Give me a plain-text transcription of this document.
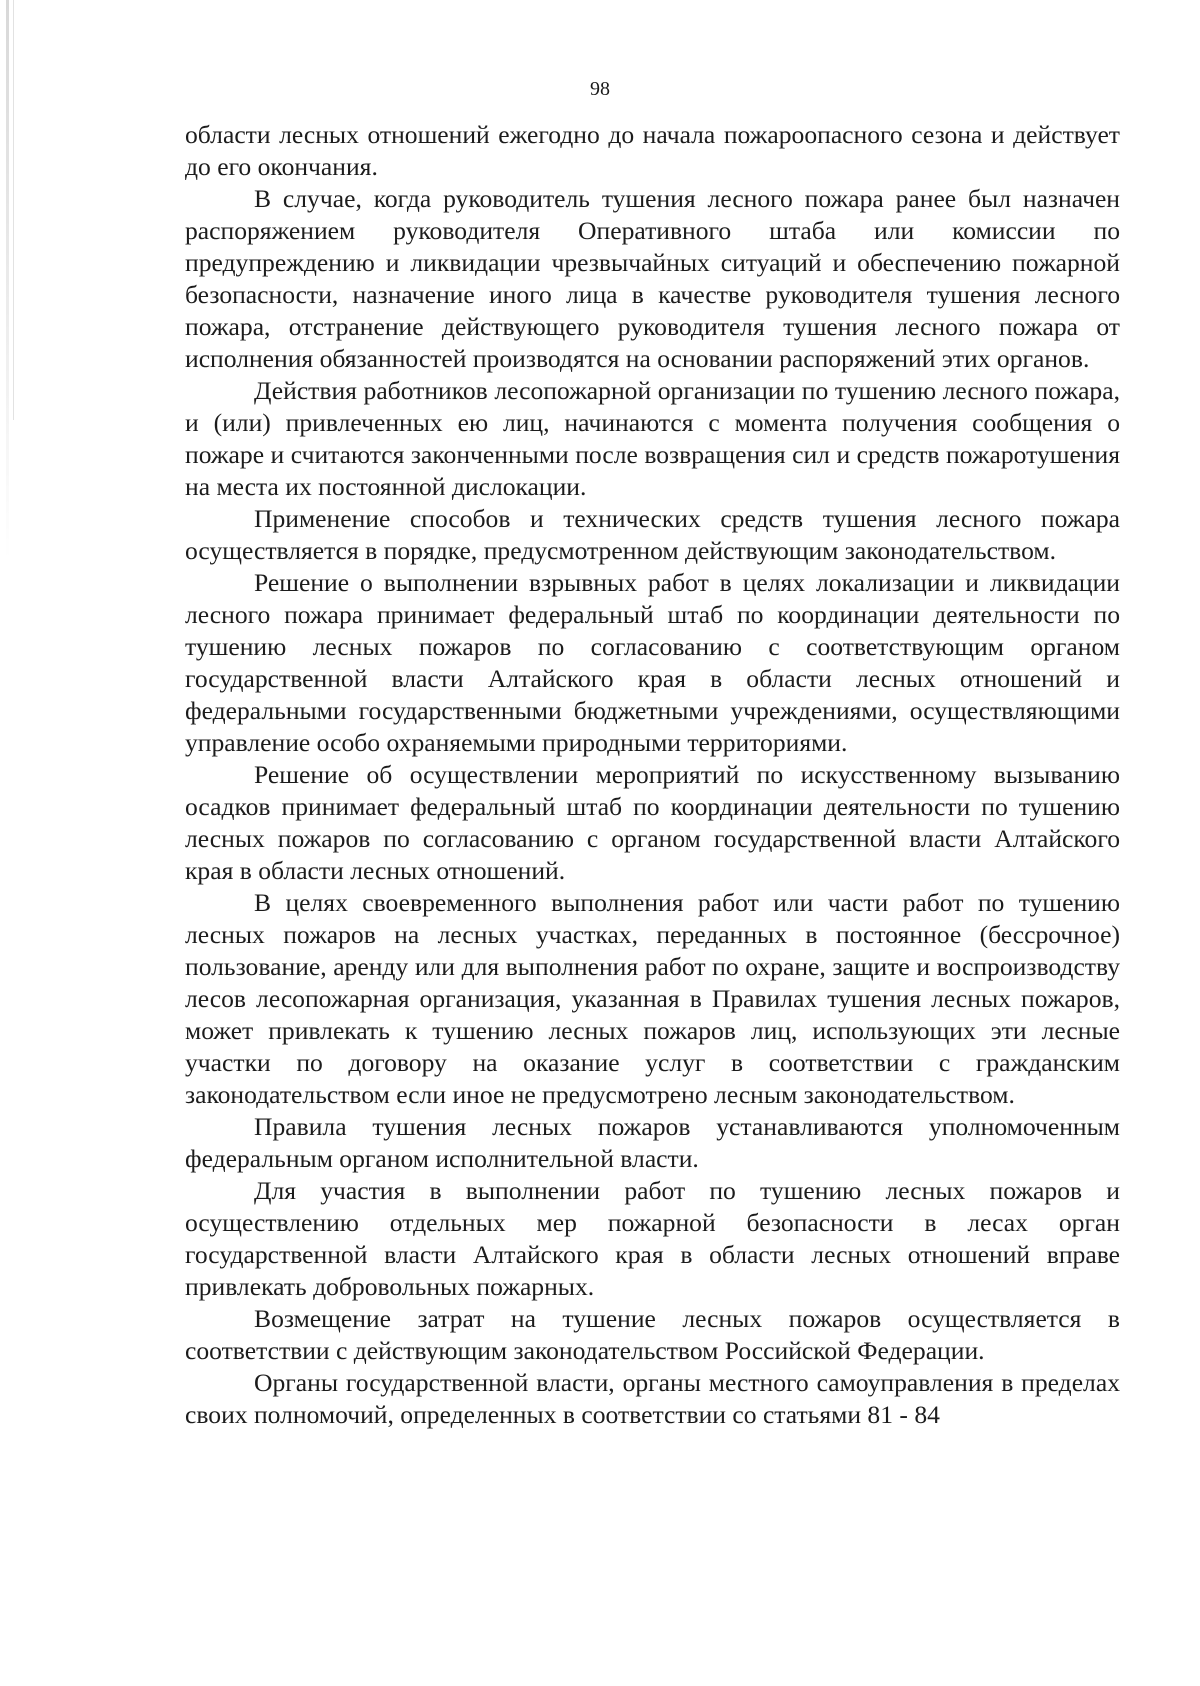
98

области лесных отношений ежегодно до начала пожароопасного сезона и действует до его окончания.

В случае, когда руководитель тушения лесного пожара ранее был назначен распоряжением руководителя Оперативного штаба или комиссии по предупреждению и ликвидации чрезвычайных ситуаций и обеспечению пожарной безопасности, назначение иного лица в качестве руководителя тушения лесного пожара, отстранение действующего руководителя тушения лесного пожара от исполнения обязанностей производятся на основании распоряжений этих органов.

Действия работников лесопожарной организации по тушению лесного пожара, и (или) привлеченных ею лиц, начинаются с момента получения сообщения о пожаре и считаются законченными после возвращения сил и средств пожаротушения на места их постоянной дислокации.

Применение способов и технических средств тушения лесного пожара осуществляется в порядке, предусмотренном действующим законодательством.

Решение о выполнении взрывных работ в целях локализации и ликвидации лесного пожара принимает федеральный штаб по координации деятельности по тушению лесных пожаров по согласованию с соответствующим органом государственной власти Алтайского края в области лесных отношений и федеральными государственными бюджетными учреждениями, осуществляющими управление особо охраняемыми природными территориями.

Решение об осуществлении мероприятий по искусственному вызыванию осадков принимает федеральный штаб по координации деятельности по тушению лесных пожаров по согласованию с органом государственной власти Алтайского края в области лесных отношений.

В целях своевременного выполнения работ или части работ по тушению лесных пожаров на лесных участках, переданных в постоянное (бессрочное) пользование, аренду или для выполнения работ по охране, защите и воспроизводству лесов лесопожарная организация, указанная в Правилах тушения лесных пожаров, может привлекать к тушению лесных пожаров лиц, использующих эти лесные участки по договору на оказание услуг в соответствии с гражданским законодательством если иное не предусмотрено лесным законодательством.

Правила тушения лесных пожаров устанавливаются уполномоченным федеральным органом исполнительной власти.

Для участия в выполнении работ по тушению лесных пожаров и осуществлению отдельных мер пожарной безопасности в лесах орган государственной власти Алтайского края в области лесных отношений вправе привлекать добровольных пожарных.

Возмещение затрат на тушение лесных пожаров осуществляется в соответствии с действующим законодательством Российской Федерации.

Органы государственной власти, органы местного самоуправления в пределах своих полномочий, определенных в соответствии со статьями 81 - 84
